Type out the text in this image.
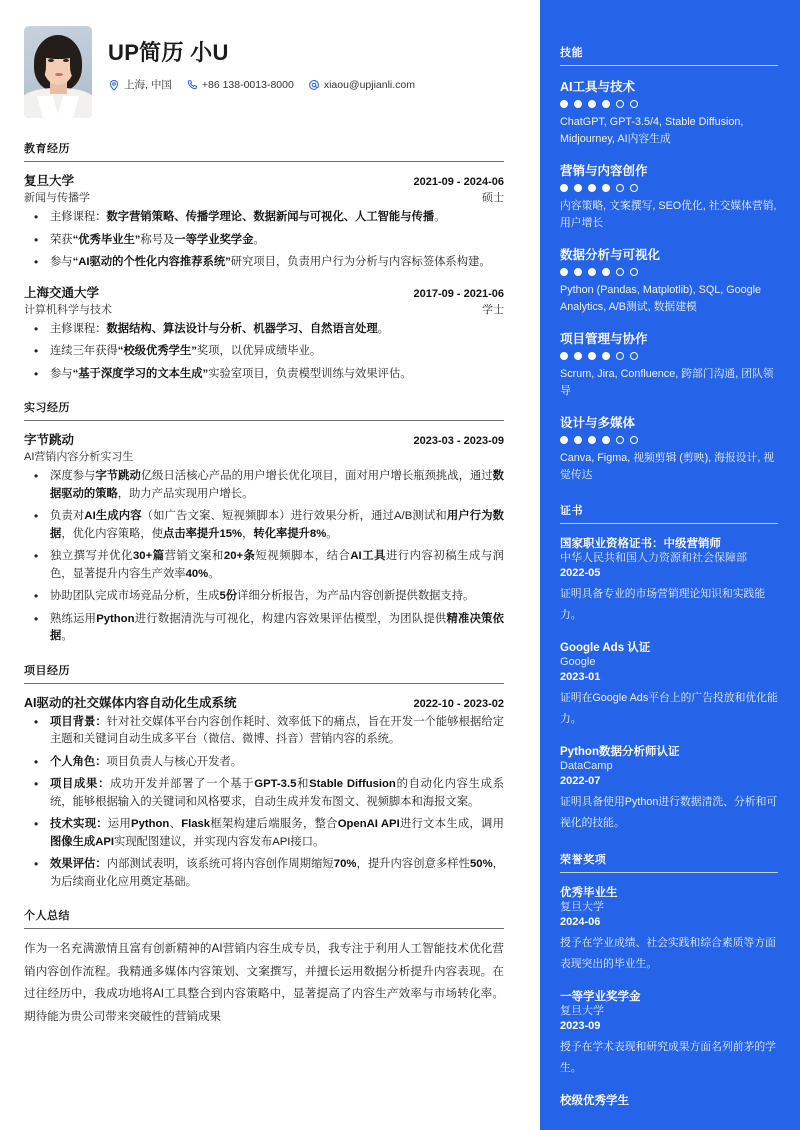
UP简历 小U
上海, 中国	+86 138-0013-8000	xiaou@upjianli.com
教育经历
复旦大学	2021-09 - 2024-06
新闻与传播学	硕士
• 主修课程：数字营销策略、传播学理论、数据新闻与可视化、人工智能与传播。
• 荣获“优秀毕业生”称号及一等学业奖学金。
• 参与“AI驱动的个性化内容推荐系统”研究项目，负责用户行为分析与内容标签体系构建。
上海交通大学	2017-09 - 2021-06
计算机科学与技术	学士
• 主修课程：数据结构、算法设计与分析、机器学习、自然语言处理。
• 连续三年获得“校级优秀学生”奖项，以优异成绩毕业。
• 参与“基于深度学习的文本生成”实验室项目，负责模型训练与效果评估。
实习经历
字节跳动	2023-03 - 2023-09
AI营销内容分析实习生
• 深度参与字节跳动亿级日活核心产品的用户增长优化项目，面对用户增长瓶颈挑战，通过数据驱动的策略，助力产品实现用户增长。
• 负责对AI生成内容（如广告文案、短视频脚本）进行效果分析，通过A/B测试和用户行为数据，优化内容策略，使点击率提升15%，转化率提升8%。
• 独立撰写并优化30+篇营销文案和20+条短视频脚本，结合AI工具进行内容初稿生成与润色，显著提升内容生产效率40%。
• 协助团队完成市场竞品分析，生成5份详细分析报告，为产品内容创新提供数据支持。
• 熟练运用Python进行数据清洗与可视化，构建内容效果评估模型，为团队提供精准决策依据。
项目经历
AI驱动的社交媒体内容自动化生成系统	2022-10 - 2023-02
• 项目背景：针对社交媒体平台内容创作耗时、效率低下的痛点，旨在开发一个能够根据给定主题和关键词自动生成多平台（微信、微博、抖音）营销内容的系统。
• 个人角色：项目负责人与核心开发者。
• 项目成果：成功开发并部署了一个基于GPT-3.5和Stable Diffusion的自动化内容生成系统，能够根据输入的关键词和风格要求，自动生成并发布图文、视频脚本和海报文案。
• 技术实现：运用Python、Flask框架构建后端服务，整合OpenAI API进行文本生成，调用图像生成API实现配图建议，并实现内容发布API接口。
• 效果评估：内部测试表明，该系统可将内容创作周期缩短70%，提升内容创意多样性50%，为后续商业化应用奠定基础。
个人总结
作为一名充满激情且富有创新精神的AI营销内容生成专员，我专注于利用人工智能技术优化营销内容创作流程。我精通多媒体内容策划、文案撰写，并擅长运用数据分析提升内容表现。在过往经历中，我成功地将AI工具整合到内容策略中，显著提高了内容生产效率与市场转化率。期待能为贵公司带来突破性的营销成果
技能
AI工具与技术
ChatGPT, GPT-3.5/4, Stable Diffusion, Midjourney, AI内容生成
营销与内容创作
内容策略, 文案撰写, SEO优化, 社交媒体营销, 用户增长
数据分析与可视化
Python (Pandas, Matplotlib), SQL, Google Analytics, A/B测试, 数据建模
项目管理与协作
Scrum, Jira, Confluence, 跨部门沟通, 团队领导
设计与多媒体
Canva, Figma, 视频剪辑 (剪映), 海报设计, 视觉传达
证书
国家职业资格证书：中级营销师
中华人民共和国人力资源和社会保障部
2022-05
证明具备专业的市场营销理论知识和实践能力。
Google Ads 认证
Google
2023-01
证明在Google Ads平台上的广告投放和优化能力。
Python数据分析师认证
DataCamp
2022-07
证明具备使用Python进行数据清洗、分析和可视化的技能。
荣誉奖项
优秀毕业生
复旦大学
2024-06
授予在学业成绩、社会实践和综合素质等方面表现突出的毕业生。
一等学业奖学金
复旦大学
2023-09
授予在学术表现和研究成果方面名列前茅的学生。
校级优秀学生
